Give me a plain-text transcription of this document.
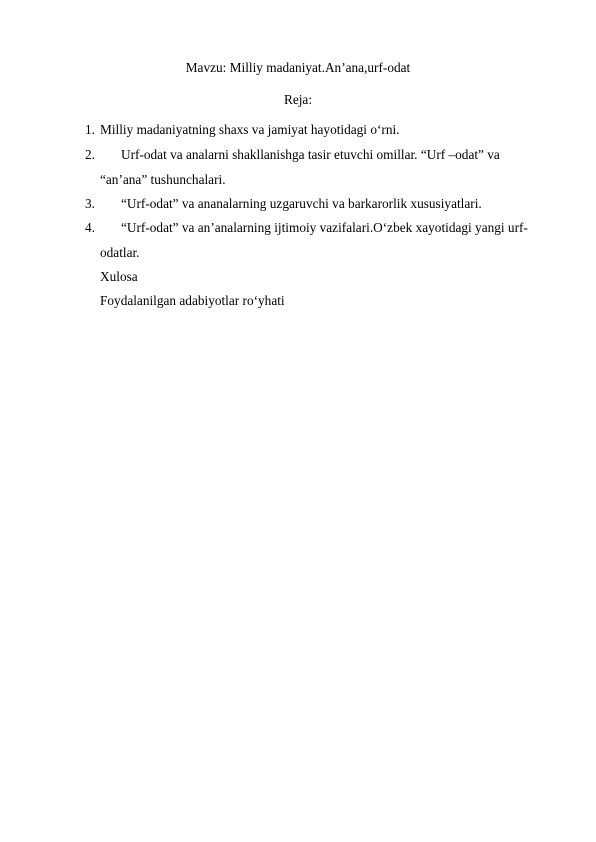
Mavzu: Milliy madaniyat.An’ana,urf-odat
Reja:
1. Milliy madaniyatning shaxs va jamiyat hayotidagi o‘rni.
2. Urf-odat va analarni shakllanishga tasir etuvchi omillar. “Urf –odat” va
“an’ana” tushunchalari.
3. “Urf-odat” va ananalarning uzgaruvchi va barkarorlik xususiyatlari.
4. “Urf-odat” va an’analarning ijtimoiy vazifalari.O‘zbek xayotidagi yangi urf-
odatlar.
Xulosa
Foydalanilgan adabiyotlar ro‘yhati
